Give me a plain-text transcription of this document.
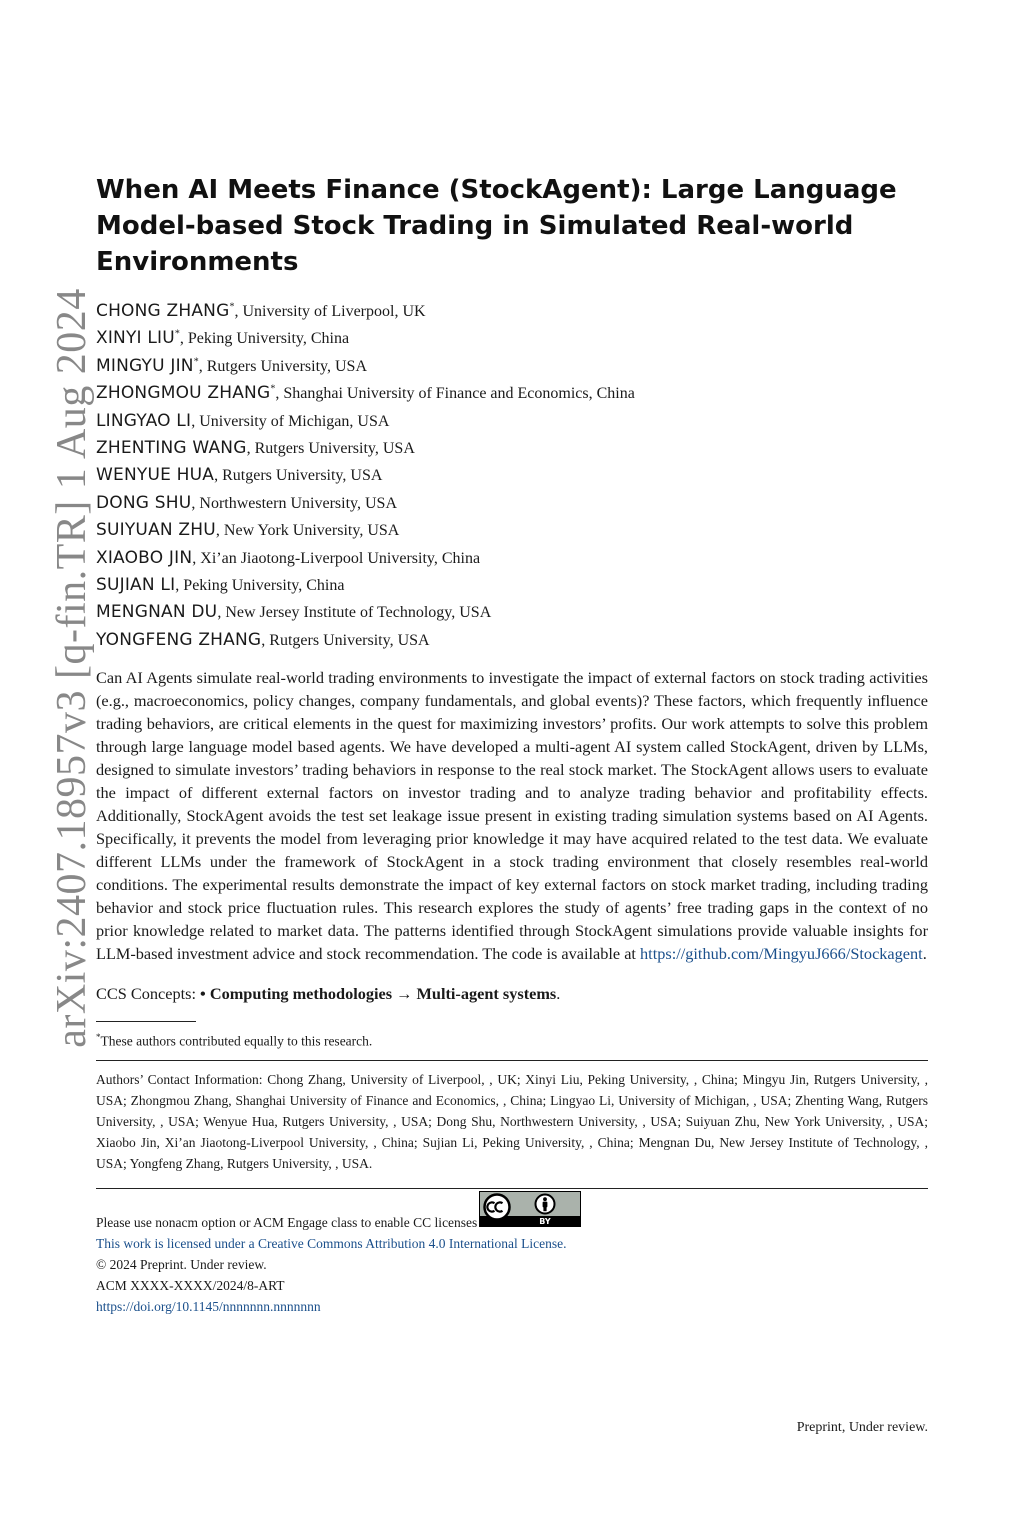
arXiv:2407.18957v3 [q-fin.TR] 1 Aug 2024
When AI Meets Finance (StockAgent): Large Language Model-based Stock Trading in Simulated Real-world Environments
CHONG ZHANG*, University of Liverpool, UK
XINYI LIU*, Peking University, China
MINGYU JIN*, Rutgers University, USA
ZHONGMOU ZHANG*, Shanghai University of Finance and Economics, China
LINGYAO LI, University of Michigan, USA
ZHENTING WANG, Rutgers University, USA
WENYUE HUA, Rutgers University, USA
DONG SHU, Northwestern University, USA
SUIYUAN ZHU, New York University, USA
XIAOBO JIN, Xi’an Jiaotong-Liverpool University, China
SUJIAN LI, Peking University, China
MENGNAN DU, New Jersey Institute of Technology, USA
YONGFENG ZHANG, Rutgers University, USA

Can AI Agents simulate real-world trading environments to investigate the impact of external factors on stock trading activities (e.g., macroeconomics, policy changes, company fundamentals, and global events)? These factors, which frequently influence trading behaviors, are critical elements in the quest for maximizing investors’ profits. Our work attempts to solve this problem through large language model based agents. We have developed a multi-agent AI system called StockAgent, driven by LLMs, designed to simulate investors’ trading behaviors in response to the real stock market. The StockAgent allows users to evaluate the impact of different external factors on investor trading and to analyze trading behavior and profitability effects. Additionally, StockAgent avoids the test set leakage issue present in existing trading simulation systems based on AI Agents. Specifically, it prevents the model from leveraging prior knowledge it may have acquired related to the test data. We evaluate different LLMs under the framework of StockAgent in a stock trading environment that closely resembles real-world conditions. The experimental results demonstrate the impact of key external factors on stock market trading, including trading behavior and stock price fluctuation rules. This research explores the study of agents’ free trading gaps in the context of no prior knowledge related to market data. The patterns identified through StockAgent simulations provide valuable insights for LLM-based investment advice and stock recommendation. The code is available at https://github.com/MingyuJ666/Stockagent.

CCS Concepts: • Computing methodologies → Multi-agent systems.
*These authors contributed equally to this research.
Authors’ Contact Information: Chong Zhang, University of Liverpool, , UK; Xinyi Liu, Peking University, , China; Mingyu Jin, Rutgers University, , USA; Zhongmou Zhang, Shanghai University of Finance and Economics, , China; Lingyao Li, University of Michigan, , USA; Zhenting Wang, Rutgers University, , USA; Wenyue Hua, Rutgers University, , USA; Dong Shu, Northwestern University, , USA; Suiyuan Zhu, New York University, , USA; Xiaobo Jin, Xi’an Jiaotong-Liverpool University, , China; Sujian Li, Peking University, , China; Mengnan Du, New Jersey Institute of Technology, , USA; Yongfeng Zhang, Rutgers University, , USA.
Please use nonacm option or ACM Engage class to enable CC licenses	BY
This work is licensed under a Creative Commons Attribution 4.0 International License.
© 2024 Preprint. Under review.
ACM XXXX-XXXX/2024/8-ART
https://doi.org/10.1145/nnnnnnn.nnnnnnn
Preprint, Under review.
